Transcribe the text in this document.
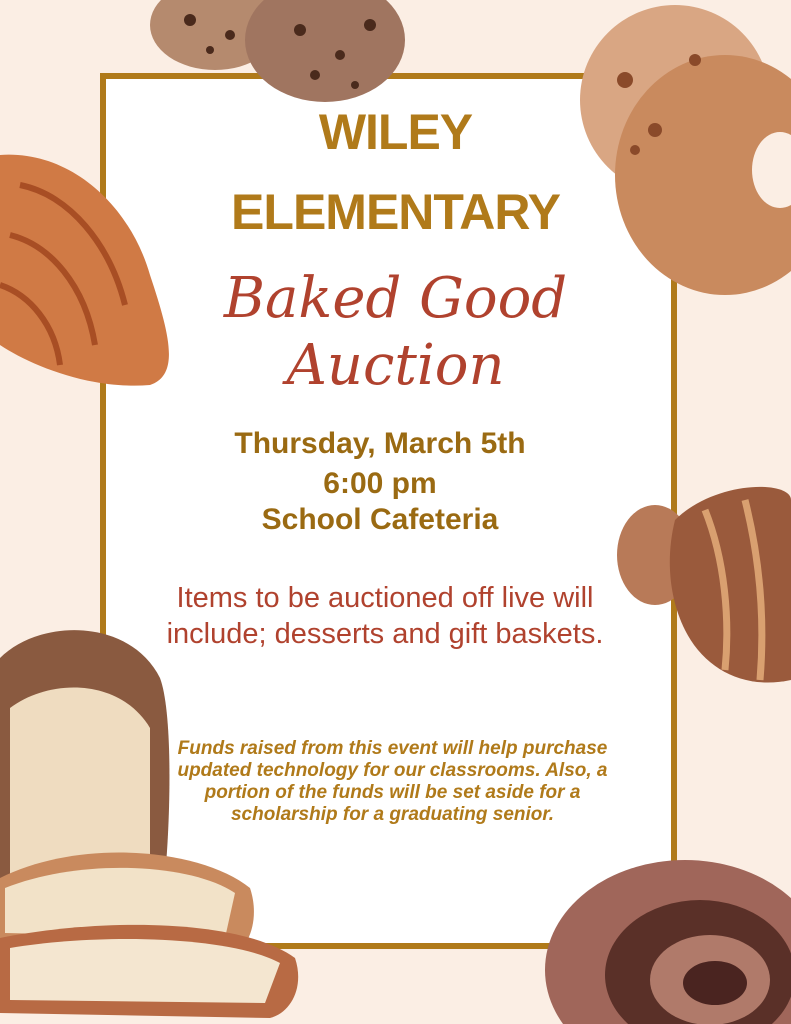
WILEY
ELEMENTARY
Baked Good
Auction
Thursday, March 5th
6:00 pm
School Cafeteria
Items to be auctioned off live will include; desserts and gift baskets.
Funds raised from this event will help purchase updated technology for our classrooms. Also, a portion of the funds will be set aside for a scholarship for a graduating senior.
